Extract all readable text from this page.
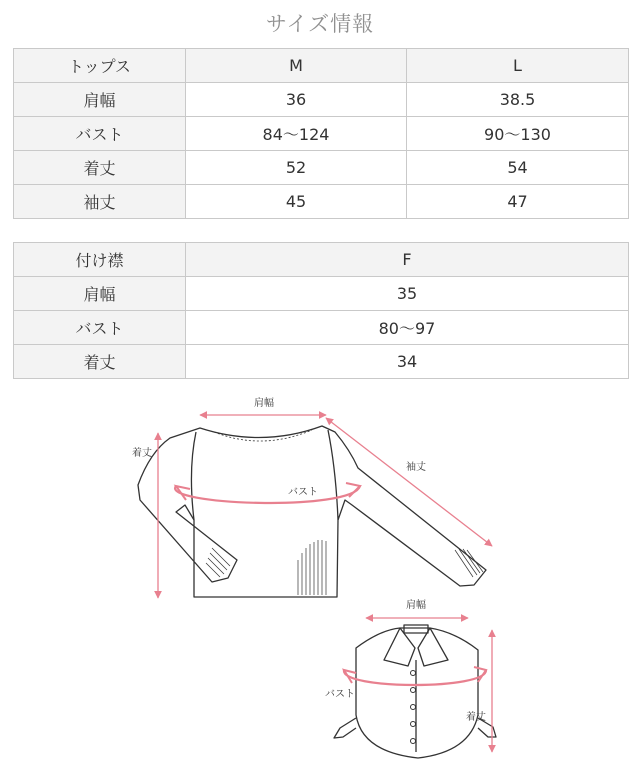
サイズ情報
トップス	M	L
肩幅	36	38.5
バスト	84～124	90～130
着丈	52	54
袖丈	45	47
付け襟	F
肩幅	35
バスト	80～97
着丈	34
肩幅
着丈
袖丈
バスト
肩幅
バスト
着丈
